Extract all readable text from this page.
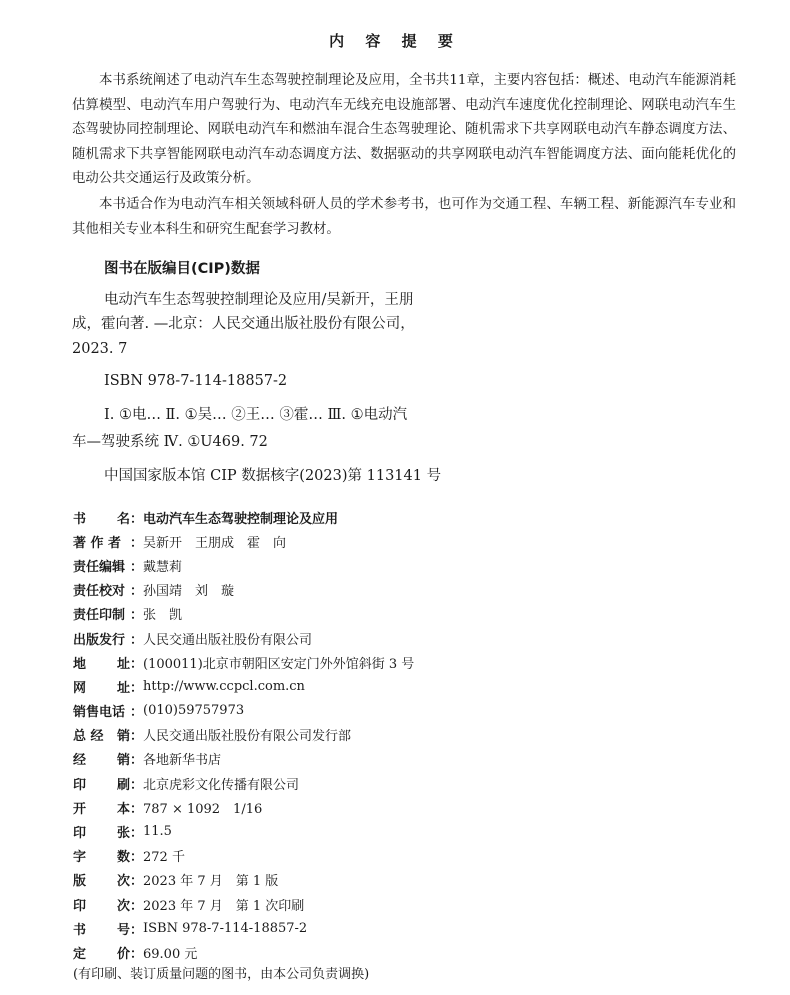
内 容 提 要

本书系统阐述了电动汽车生态驾驶控制理论及应用，全书共11章，主要内容包括：概述、电动汽车能源消耗估算模型、电动汽车用户驾驶行为、电动汽车无线充电设施部署、电动汽车速度优化控制理论、网联电动汽车生态驾驶协同控制理论、网联电动汽车和燃油车混合生态驾驶理论、随机需求下共享网联电动汽车静态调度方法、随机需求下共享智能网联电动汽车动态调度方法、数据驱动的共享网联电动汽车智能调度方法、面向能耗优化的电动公共交通运行及政策分析。

本书适合作为电动汽车相关领域科研人员的学术参考书，也可作为交通工程、车辆工程、新能源汽车专业和其他相关专业本科生和研究生配套学习教材。

图书在版编目(CIP)数据
电动汽车生态驾驶控制理论及应用/吴新开，王朋
成，霍向著. —北京：人民交通出版社股份有限公司，
2023. 7
ISBN 978-7-114-18857-2
Ⅰ. ①电… Ⅱ. ①吴… ②王… ③霍… Ⅲ. ①电动汽
车—驾驶系统 Ⅳ. ①U469. 72
中国国家版本馆 CIP 数据核字(2023)第 113141 号
书 名： 电动汽车生态驾驶控制理论及应用
著 作 者 ： 吴新开　王朋成　霍　向
责任编辑 ： 戴慧莉
责任校对 ： 孙国靖　刘　璇
责任印制 ： 张　凯
出版发行 ： 人民交通出版社股份有限公司
地 址： (100011)北京市朝阳区安定门外外馆斜街 3 号
网 址： http://www.ccpcl.com.cn
销售电话 ： (010)59757973
总 经 销： 人民交通出版社股份有限公司发行部
经 销： 各地新华书店
印 刷： 北京虎彩文化传播有限公司
开 本： 787 × 1092　1/16
印 张： 11.5
字 数： 272 千
版 次： 2023 年 7 月　第 1 版
印 次： 2023 年 7 月　第 1 次印刷
书 号： ISBN 978-7-114-18857-2
定 价： 69.00 元
(有印刷、装订质量问题的图书，由本公司负责调换)
